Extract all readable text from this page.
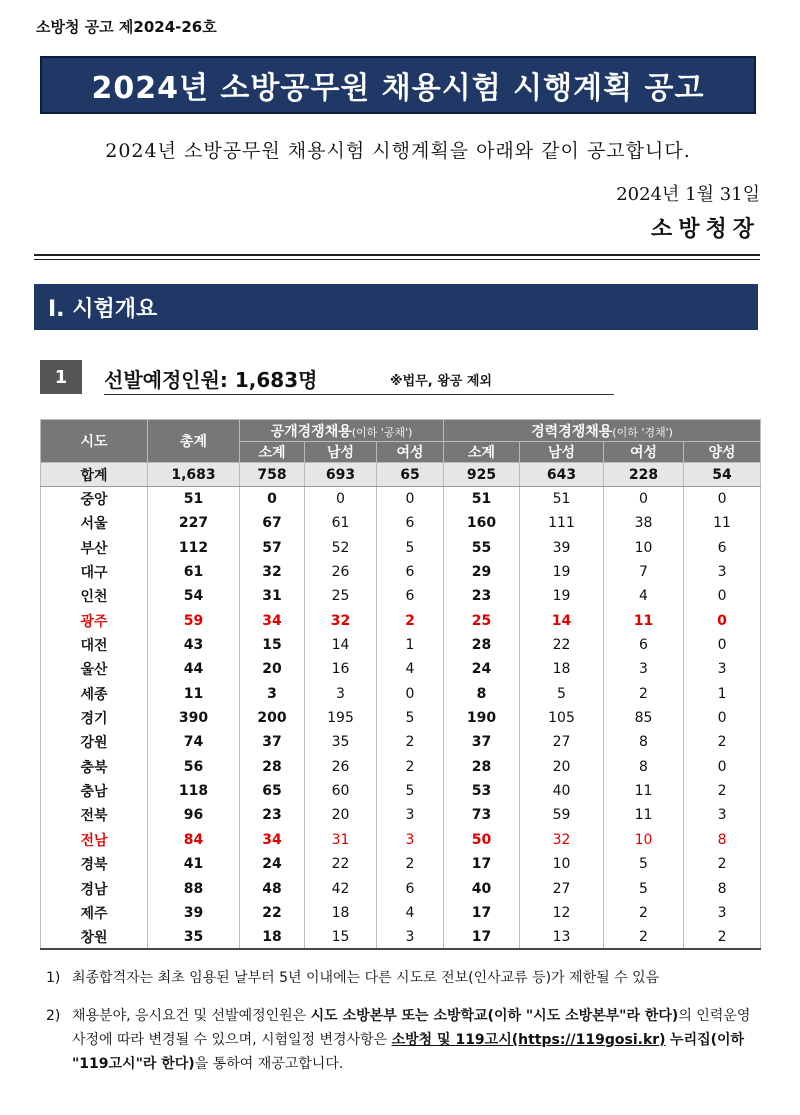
소방청 공고 제2024-26호
2024년 소방공무원 채용시험 시행계획 공고
2024년 소방공무원 채용시험 시행계획을 아래와 같이 공고합니다.
2024년 1월 31일
소방청장
Ⅰ. 시험개요
1	선발예정인원: 1,683명	※법무, 왕공 제외
시도	총계	공개경쟁채용(이하 '공채')			경력경쟁채용(이하 '경채')			
		소계	남성	여성	소계	남성	여성	양성
합계	1,683	758	693	65	925	643	228	54
중앙	51	0	0	0	51	51	0	0
서울	227	67	61	6	160	111	38	11
부산	112	57	52	5	55	39	10	6
대구	61	32	26	6	29	19	7	3
인천	54	31	25	6	23	19	4	0
광주	59	34	32	2	25	14	11	0
대전	43	15	14	1	28	22	6	0
울산	44	20	16	4	24	18	3	3
세종	11	3	3	0	8	5	2	1
경기	390	200	195	5	190	105	85	0
강원	74	37	35	2	37	27	8	2
충북	56	28	26	2	28	20	8	0
충남	118	65	60	5	53	40	11	2
전북	96	23	20	3	73	59	11	3
전남	84	34	31	3	50	32	10	8
경북	41	24	22	2	17	10	5	2
경남	88	48	42	6	40	27	5	8
제주	39	22	18	4	17	12	2	3
창원	35	18	15	3	17	13	2	2
1) 최종합격자는 최초 임용된 날부터 5년 이내에는 다른 시도로 전보(인사교류 등)가 제한될 수 있음
2) 채용분야, 응시요건 및 선발예정인원은 시도 소방본부 또는 소방학교(이하 "시도 소방본부"라 한다)의 인력운영 사정에 따라 변경될 수 있으며, 시험일정 변경사항은 소방청 및 119고시(https://119gosi.kr) 누리집(이하 "119고시"라 한다)을 통하여 재공고합니다.
